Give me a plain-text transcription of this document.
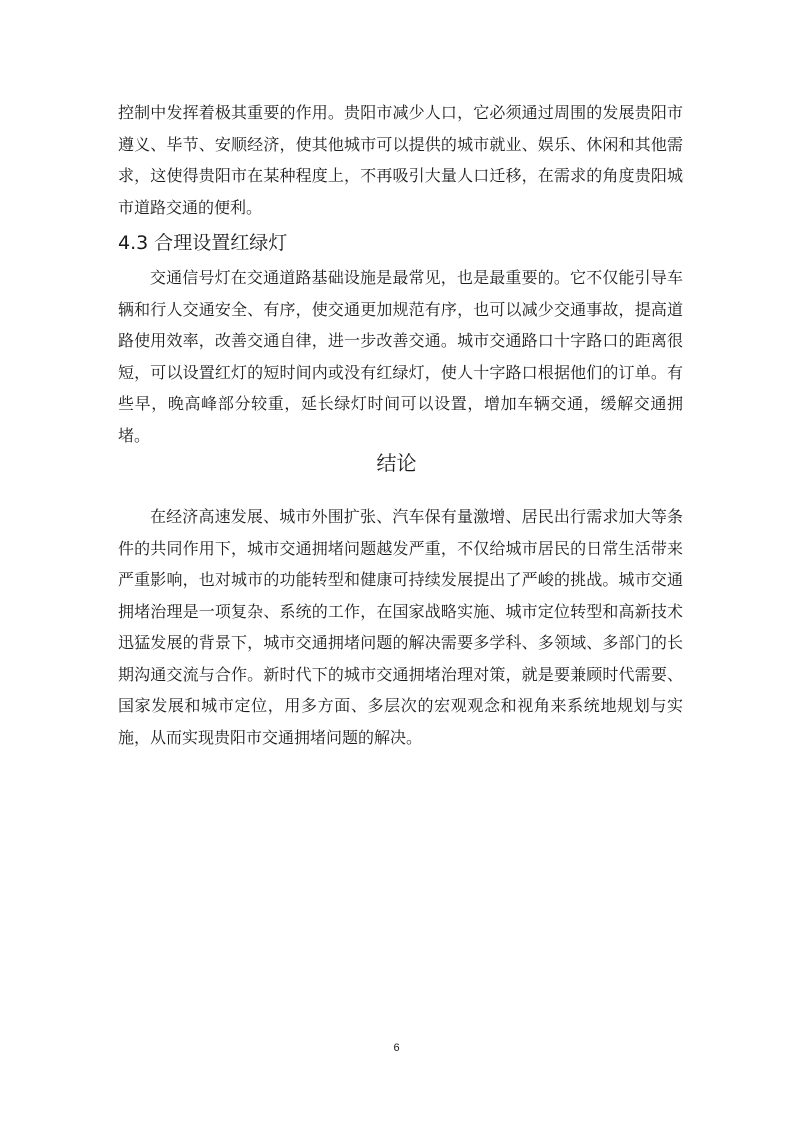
控制中发挥着极其重要的作用。贵阳市减少人口，它必须通过周围的发展贵阳市遵义、毕节、安顺经济，使其他城市可以提供的城市就业、娱乐、休闲和其他需求，这使得贵阳市在某种程度上，不再吸引大量人口迁移，在需求的角度贵阳城市道路交通的便利。

4.3 合理设置红绿灯

交通信号灯在交通道路基础设施是最常见，也是最重要的。它不仅能引导车辆和行人交通安全、有序，使交通更加规范有序，也可以减少交通事故，提高道路使用效率，改善交通自律，进一步改善交通。城市交通路口十字路口的距离很短，可以设置红灯的短时间内或没有红绿灯，使人十字路口根据他们的订单。有些早，晚高峰部分较重，延长绿灯时间可以设置，增加车辆交通，缓解交通拥堵。

结论

在经济高速发展、城市外围扩张、汽车保有量激增、居民出行需求加大等条件的共同作用下，城市交通拥堵问题越发严重，不仅给城市居民的日常生活带来严重影响，也对城市的功能转型和健康可持续发展提出了严峻的挑战。城市交通拥堵治理是一项复杂、系统的工作，在国家战略实施、城市定位转型和高新技术迅猛发展的背景下，城市交通拥堵问题的解决需要多学科、多领域、多部门的长期沟通交流与合作。新时代下的城市交通拥堵治理对策，就是要兼顾时代需要、国家发展和城市定位，用多方面、多层次的宏观观念和视角来系统地规划与实施，从而实现贵阳市交通拥堵问题的解决。

6
